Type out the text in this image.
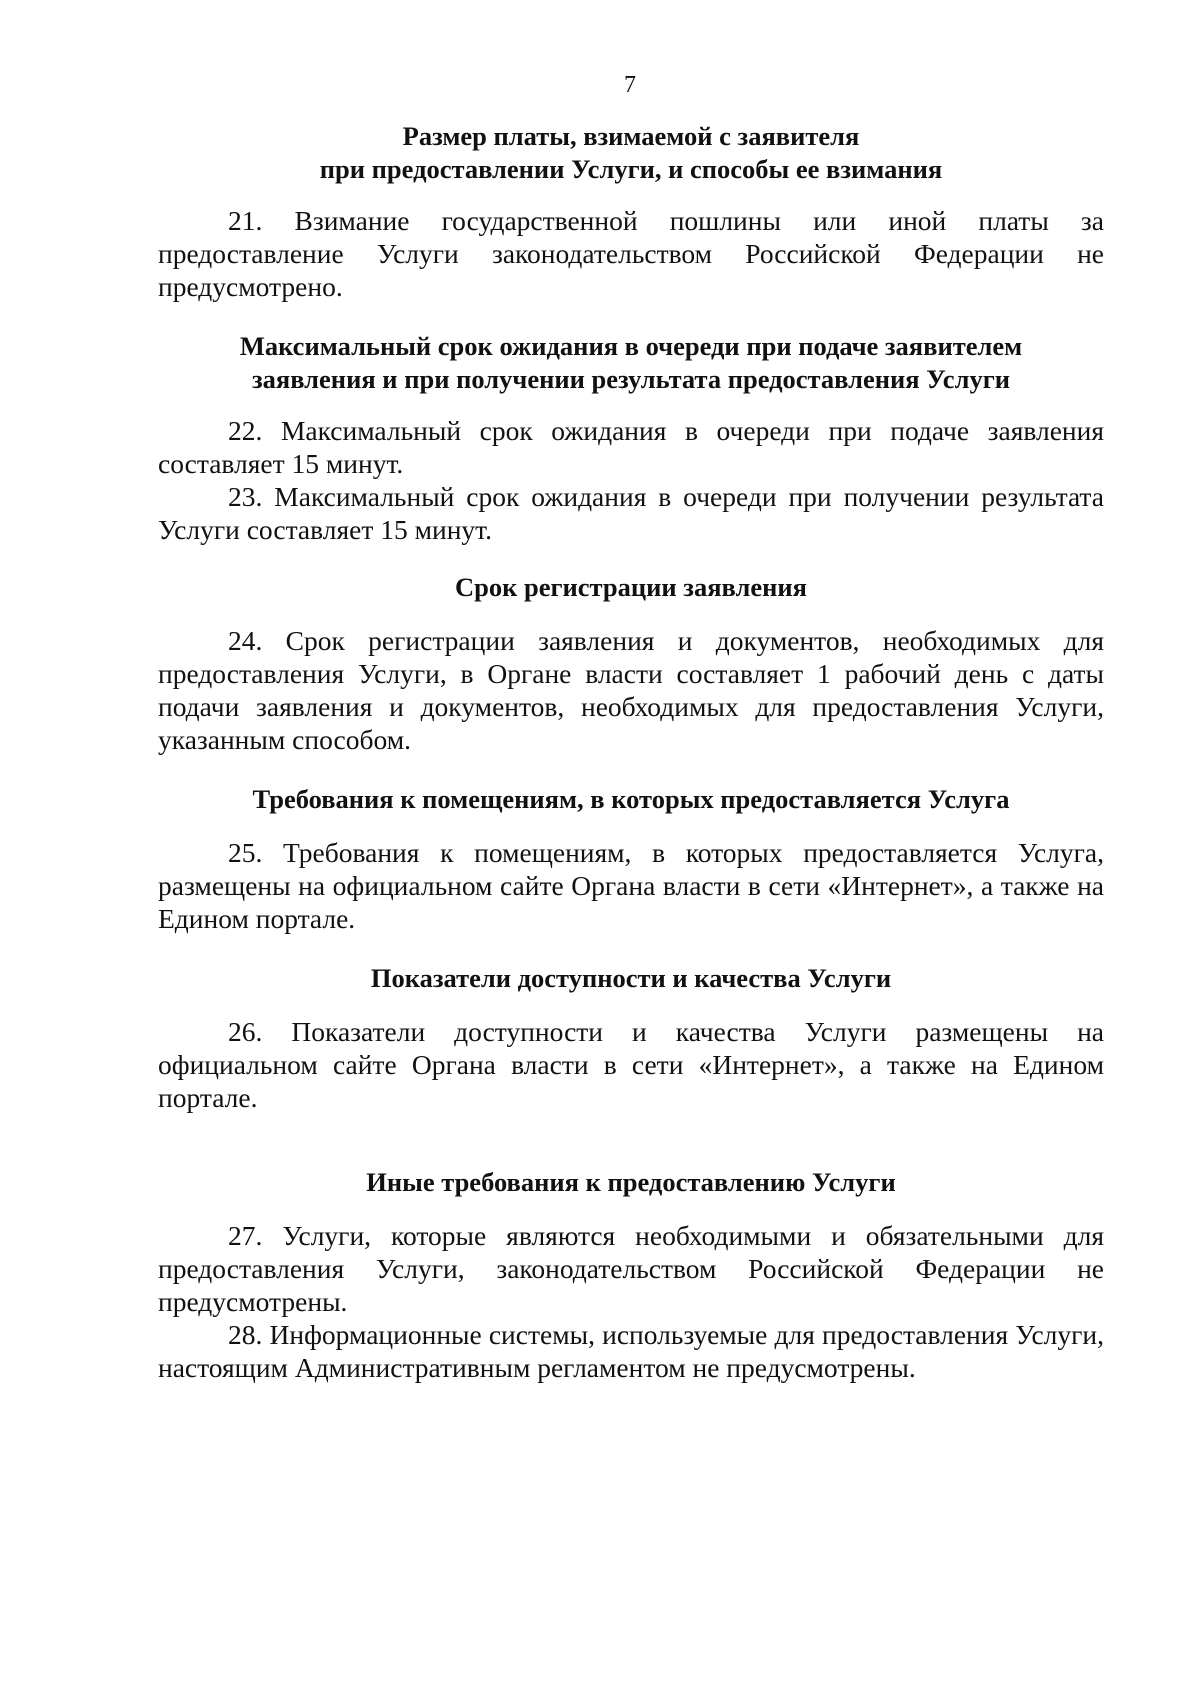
7
Размер платы, взимаемой с заявителя
при предоставлении Услуги, и способы ее взимания

21. Взимание государственной пошлины или иной платы за предоставление Услуги законодательством Российской Федерации не предусмотрено.

Максимальный срок ожидания в очереди при подаче заявителем
заявления и при получении результата предоставления Услуги

22. Максимальный срок ожидания в очереди при подаче заявления составляет 15 минут.

23. Максимальный срок ожидания в очереди при получении результата Услуги составляет 15 минут.

Срок регистрации заявления

24. Срок регистрации заявления и документов, необходимых для предоставления Услуги, в Органе власти составляет 1 рабочий день с даты подачи заявления и документов, необходимых для предоставления Услуги, указанным способом.

Требования к помещениям, в которых предоставляется Услуга

25. Требования к помещениям, в которых предоставляется Услуга, размещены на официальном сайте Органа власти в сети «Интернет», а также на Едином портале.

Показатели доступности и качества Услуги

26. Показатели доступности и качества Услуги размещены на официальном сайте Органа власти в сети «Интернет», а также на Едином портале.

Иные требования к предоставлению Услуги

27. Услуги, которые являются необходимыми и обязательными для предоставления Услуги, законодательством Российской Федерации не предусмотрены.

28. Информационные системы, используемые для предоставления Услуги, настоящим Административным регламентом не предусмотрены.
